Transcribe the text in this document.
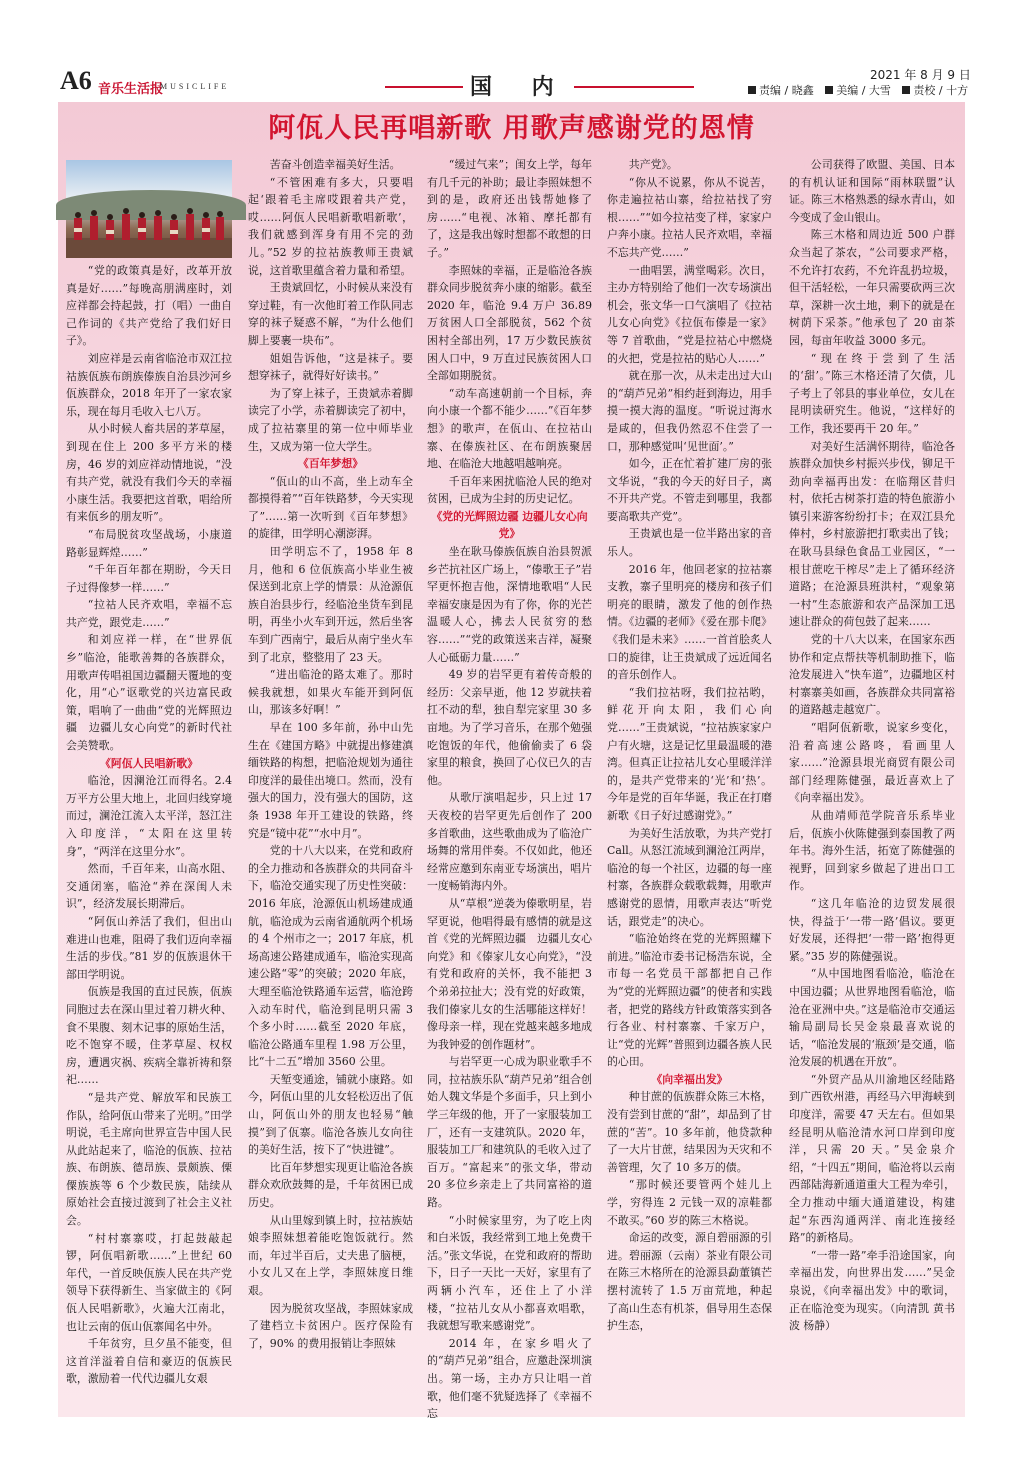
A6 音乐生活报
MUSICLIFE	国 内	2021 年 8 月 9 日
责编 / 晓鑫 美编 / 大雪 责校 / 十方
阿佤人民再唱新歌 用歌声感谢党的恩情

“党的政策真是好，改革开放真是好……”每晚高朋满座时，刘应祥都会持起鼓，打（唱）一曲自己作词的《共产党给了我们好日子》。

刘应祥是云南省临沧市双江拉祜族佤族布朗族傣族自治县沙河乡佤族群众，2018 年开了一家农家乐，现在每月毛收入七八万。

从小时候人畜共居的茅草屋，到现在住上 200 多平方米的楼房，46 岁的刘应祥动情地说，“没有共产党，就没有我们今天的幸福小康生活。我要把这首歌，唱给所有来佤乡的朋友听”。

“布局脱贫攻坚战场，小康道路彰显辉煌……”

“千年百年都在期盼，今天日子过得像梦一样……”

“拉祜人民齐欢唱，幸福不忘共产党，跟党走……”

和刘应祥一样，在“世界佤乡”临沧，能歌善舞的各族群众，用歌声传唱祖国边疆翻天覆地的变化，用“心”讴歌党的兴边富民政策，唱响了一曲曲“党的光辉照边疆　边疆儿女心向党”的新时代社会美赞歌。

《阿佤人民唱新歌》

临沧，因澜沧江而得名。2.4 万平方公里大地上，北回归线穿境而过，澜沧江流入太平洋，怒江注入印度洋，“太阳在这里转身”，“两洋在这里分水”。

然而，千百年来，山高水阻、交通闭塞，临沧“养在深闺人未识”，经济发展长期滞后。

“阿佤山养活了我们，但出山难进山也难，阻碍了我们迈向幸福生活的步伐。”81 岁的佤族退休干部田学明说。

佤族是我国的直过民族，佤族同胞过去在深山里过着刀耕火种、食不果腹、刻木记事的原始生活，吃不饱穿不暖，住茅草屋、权权房，遭遇灾祸、疾病全靠祈祷和祭祀……

“是共产党、解放军和民族工作队，给阿佤山带来了光明。”田学明说，毛主席向世界宣告中国人民从此站起来了，临沧的佤族、拉祜族、布朗族、德昂族、景颇族、傈僳族族等 6 个少数民族，陆续从原始社会直接过渡到了社会主义社会。

“村村寨寨哎，打起鼓敲起锣，阿佤唱新歌……”上世纪 60 年代，一首反映佤族人民在共产党领导下获得新生、当家做主的《阿佤人民唱新歌》，火遍大江南北，也让云南的佤山佤寨闻名中外。

千年贫穷，旦夕虽不能变，但这首洋溢着自信和豪迈的佤族民歌，激励着一代代边疆儿女艰

苦奋斗创造幸福美好生活。

“不管困难有多大，只要唱起‘跟着毛主席哎跟着共产党，哎……阿佤人民唱新歌唱新歌’，我们就感到浑身有用不完的劲儿。”52 岁的拉祜族教师王贵斌说，这首歌里蕴含着力量和希望。

王贵斌回忆，小时候从来没有穿过鞋，有一次他盯着工作队同志穿的袜子疑惑不解，“为什么他们脚上要裹一块布”。

姐姐告诉他，“这是袜子。要想穿袜子，就得好好读书。”

为了穿上袜子，王贵斌赤着脚读完了小学，赤着脚读完了初中，成了拉祜寨里的第一位中师毕业生，又成为第一位大学生。

《百年梦想》

“佤山的山不高，坐上动车全都摸得着”“百年铁路梦，今天实现了”……第一次听到《百年梦想》的旋律，田学明心潮澎湃。

田学明忘不了，1958 年 8 月，他和 6 位佤族高小毕业生被保送到北京上学的情景：从沧源佤族自治县步行，经临沧坐货车到昆明，再坐小火车到开远，然后坐客车到广西南宁，最后从南宁坐火车到了北京，整整用了 23 天。

“进出临沧的路太难了。那时候我就想，如果火车能开到阿佤山，那该多好啊！”

早在 100 多年前，孙中山先生在《建国方略》中就提出修建滇缅铁路的构想，把临沧规划为通往印度洋的最佳出境口。然而，没有强大的国力，没有强大的国防，这条 1938 年开工建设的铁路，终究是“镜中花”“水中月”。

党的十八大以来，在党和政府的全力推动和各族群众的共同奋斗下，临沧交通实现了历史性突破：2016 年底，沧源佤山机场建成通航，临沧成为云南省通航两个机场的 4 个州市之一；2017 年底，机场高速公路建成通车，临沧实现高速公路“零”的突破；2020 年底，大理至临沧铁路通车运营，临沧跨入动车时代，临沧到昆明只需 3 个多小时……截至 2020 年底，临沧公路通车里程 1.98 万公里，比“十二五”增加 3560 公里。

天堑变通途，铺就小康路。如今，阿佤山里的儿女轻松迈出了佤山，阿佤山外的朋友也轻易“触摸”到了佤寨。临沧各族儿女向往的美好生活，按下了“快进键”。

比百年梦想实现更让临沧各族群众欢欣鼓舞的是，千年贫困已成历史。

从山里嫁到镇上时，拉祜族姑娘李照妹想着能吃饱饭就行。然而，年过半百后，丈夫患了脑梗，小女儿又在上学，李照妹度日维艰。

因为脱贫攻坚战，李照妹家成了建档立卡贫困户。医疗保险有了，90% 的费用报销让李照妹

“缓过气来”；闺女上学，每年有几千元的补助；最让李照妹想不到的是，政府还出钱帮她修了房……“电视、冰箱、摩托都有了，这是我出嫁时想都不敢想的日子。”

李照妹的幸福，正是临沧各族群众同步脱贫奔小康的缩影。截至 2020 年，临沧 9.4 万户 36.89 万贫困人口全部脱贫，562 个贫困村全部出列，17 万少数民族贫困人口中，9 万直过民族贫困人口全部如期脱贫。

“动车高速朝前一个目标，奔向小康一个都不能少……”《百年梦想》的歌声，在佤山、在拉祜山寨、在傣族社区、在布朗族聚居地、在临沧大地越唱越响亮。

千百年来困扰临沧人民的绝对贫困，已成为尘封的历史记忆。

《党的光辉照边疆 边疆儿女心向党》

坐在耿马傣族佤族自治县贺派乡芒抗社区广场上，“傣歌王子”岩罕更怀抱吉他，深情地歌唱“人民幸福安康是因为有了你，你的光芒温暖人心，拂去人民贫穷的愁容……”“党的政策送来吉祥，凝聚人心砥砺力量……”

49 岁的岩罕更有着传奇般的经历：父亲早逝，他 12 岁就扶着扛不动的犁，独自犁完家里 30 多亩地。为了学习音乐，在那个勉强吃饱饭的年代，他偷偷卖了 6 袋家里的粮食，换回了心仪已久的吉他。

从歌厅演唱起步，只上过 17 天夜校的岩罕更先后创作了 200 多首歌曲，这些歌曲成为了临沧广场舞的常用伴奏。不仅如此，他还经常应邀到东南亚专场演出，唱片一度畅销海内外。

从“草根”逆袭为傣歌明星，岩罕更说，他唱得最有感情的就是这首《党的光辉照边疆　边疆儿女心向党》和《傣家儿女心向党》，“没有党和政府的关怀，我不能把 3 个弟弟拉扯大；没有党的好政策，我们傣家儿女的生活哪能这样好！像母亲一样，现在党越来越多地成为我钟爱的创作题材”。

与岩罕更一心成为职业歌手不同，拉祜族乐队“葫芦兄弟”组合创始人魏文华是个多面手，只上到小学三年级的他，开了一家服装加工厂，还有一支建筑队。2020 年，服装加工厂和建筑队的毛收入过了百万。“富起来”的张文华，带动 20 多位乡亲走上了共同富裕的道路。

“小时候家里穷，为了吃上肉和白米饭，我经常到工地上免费干活。”张文华说，在党和政府的帮助下，日子一天比一天好，家里有了两辆小汽车，还住上了小洋楼，“拉祜儿女从小都喜欢唱歌，我就想写歌来感谢党”。

2014 年，在家乡唱火了的“葫芦兄弟”组合，应邀赴深圳演出。第一场，主办方只让唱一首歌，他们毫不犹疑选择了《幸福不忘

共产党》。

“你从不说累，你从不说苦，你走遍拉祜山寨，给拉祜找了穷根……”“如今拉祜变了样，家家户户奔小康。拉祜人民齐欢唱，幸福不忘共产党……”

一曲唱罢，满堂喝彩。次日，主办方特别给了他们一次专场演出机会，张文华一口气演唱了《拉祜儿女心向党》《拉佤布傣是一家》等 7 首歌曲，“党是拉祜心中燃烧的火把，党是拉祜的贴心人……”

就在那一次，从未走出过大山的“葫芦兄弟”相约赶到海边，用手摸一摸大海的温度。“听说过海水是咸的，但我仍然忍不住尝了一口，那种感觉叫‘见世面’。”

如今，正在忙着扩建厂房的张文华说，“我的今天的好日子，离不开共产党。不管走到哪里，我都要高歌共产党”。

王贵斌也是一位半路出家的音乐人。

2016 年，他回老家的拉祜寨支教，寨子里明亮的楼房和孩子们明亮的眼睛，激发了他的创作热情。《边疆的老师》《爱在那卡爬》《我们是未来》……一首首脍炙人口的旋律，让王贵斌成了远近闻名的音乐创作人。

“我们拉祜呀，我们拉祜哟，鲜花开向太阳，我们心向党……”王贵斌说，“拉祜族家家户户有火塘，这是记忆里最温暖的港湾。但真正让拉祜儿女心里暖洋洋的，是共产党带来的‘光’和‘热’。今年是党的百年华诞，我正在打磨新歌《日子好过感谢党》。”

为美好生活放歌，为共产党打Call。从怒江流域到澜沧江两岸，临沧的每一个社区，边疆的每一座村寨，各族群众载歌载舞，用歌声感谢党的恩情，用歌声表达“听党话，跟党走”的决心。

“临沧始终在党的光辉照耀下前进。”临沧市委书记杨浩东说，全市每一名党员干部都把自己作为“党的光辉照边疆”的使者和实践者，把党的路线方针政策落实到各行各业、村村寨寨、千家万户，让“党的光辉”普照到边疆各族人民的心田。

《向幸福出发》

种甘蔗的佤族群众陈三木格，没有尝到甘蔗的“甜”，却品到了甘蔗的“苦”。10 多年前，他贷款种了一大片甘蔗，结果因为天灾和不善管理，欠了 10 多万的债。

“那时候还要管两个娃儿上学，穷得连 2 元钱一双的凉鞋都不敢买。”60 岁的陈三木格说。

命运的改变，源自碧丽源的引进。碧丽源（云南）茶业有限公司在陈三木格所在的沧源县勐董镇芒摆村流转了 1.5 万亩荒地，种起了高山生态有机茶，倡导用生态保护生态，

公司获得了欧盟、美国、日本的有机认证和国际“雨林联盟”认证。陈三木格熟悉的绿水青山，如今变成了金山银山。

陈三木格和周边近 500 户群众当起了茶农，“公司要求严格，不允许打农药，不允许乱扔垃圾，但干活轻松，一年只需要砍两三次草，深耕一次土地，剩下的就是在树荫下采茶。”他承包了 20 亩茶园，每亩年收益 3000 多元。

“现在终于尝到了生活的‘甜’。”陈三木格还清了欠债，儿子考上了邻县的事业单位，女儿在昆明读研究生。他说，“这样好的工作，我还要再干 20 年。”

对美好生活满怀期待，临沧各族群众加快乡村振兴步伐，铆足干劲向幸福再出发：在临翔区昔归村，依托古树茶打造的特色旅游小镇引来游客纷纷打卡；在双江县允俸村，乡村旅游把打歌卖出了钱；在耿马县绿色食品工业园区，“一根甘蔗吃干榨尽”走上了循环经济道路；在沧源县班洪村，“观象第一村”生态旅游和农产品深加工迅速让群众的荷包鼓了起来……

党的十八大以来，在国家东西协作和定点帮扶等机制助推下，临沧发展进入“快车道”，边疆地区村村寨寨美如画，各族群众共同富裕的道路越走越宽广。

“唱阿佤新歌，说家乡变化，沿着高速公路咚，看画里人家……”沧源县垠光商贸有限公司部门经理陈健强，最近喜欢上了《向幸福出发》。

从曲靖师范学院音乐系毕业后，佤族小伙陈健强到泰国教了两年书。海外生活，拓宽了陈健强的视野，回到家乡做起了进出口工作。

“这几年临沧的边贸发展很快，得益于‘一带一路’倡议。要更好发展，还得把‘一带一路’抱得更紧。”35 岁的陈健强说。

“从中国地图看临沧，临沧在中国边疆；从世界地图看临沧，临沧在亚洲中央。”这是临沧市交通运输局副局长吴金泉最喜欢说的话，“临沧发展的‘瓶颈’是交通，临沧发展的机遇在开放”。

“外贸产品从川渝地区经陆路到广西钦州港，再经马六甲海峡到印度洋，需要 47 天左右。但如果经昆明从临沧清水河口岸到印度洋，只需 20 天。”吴金泉介绍，“十四五”期间，临沧将以云南西部陆海新通道重大工程为牵引，全力推动中缅大通道建设，构建起“东西沟通两洋、南北连接经路”的新格局。

“一带一路”牵手沿途国家，向幸福出发，向世界出发……”吴金泉说，《向幸福出发》中的歌词，正在临沧变为现实。（向清凯 黄书波 杨静）
